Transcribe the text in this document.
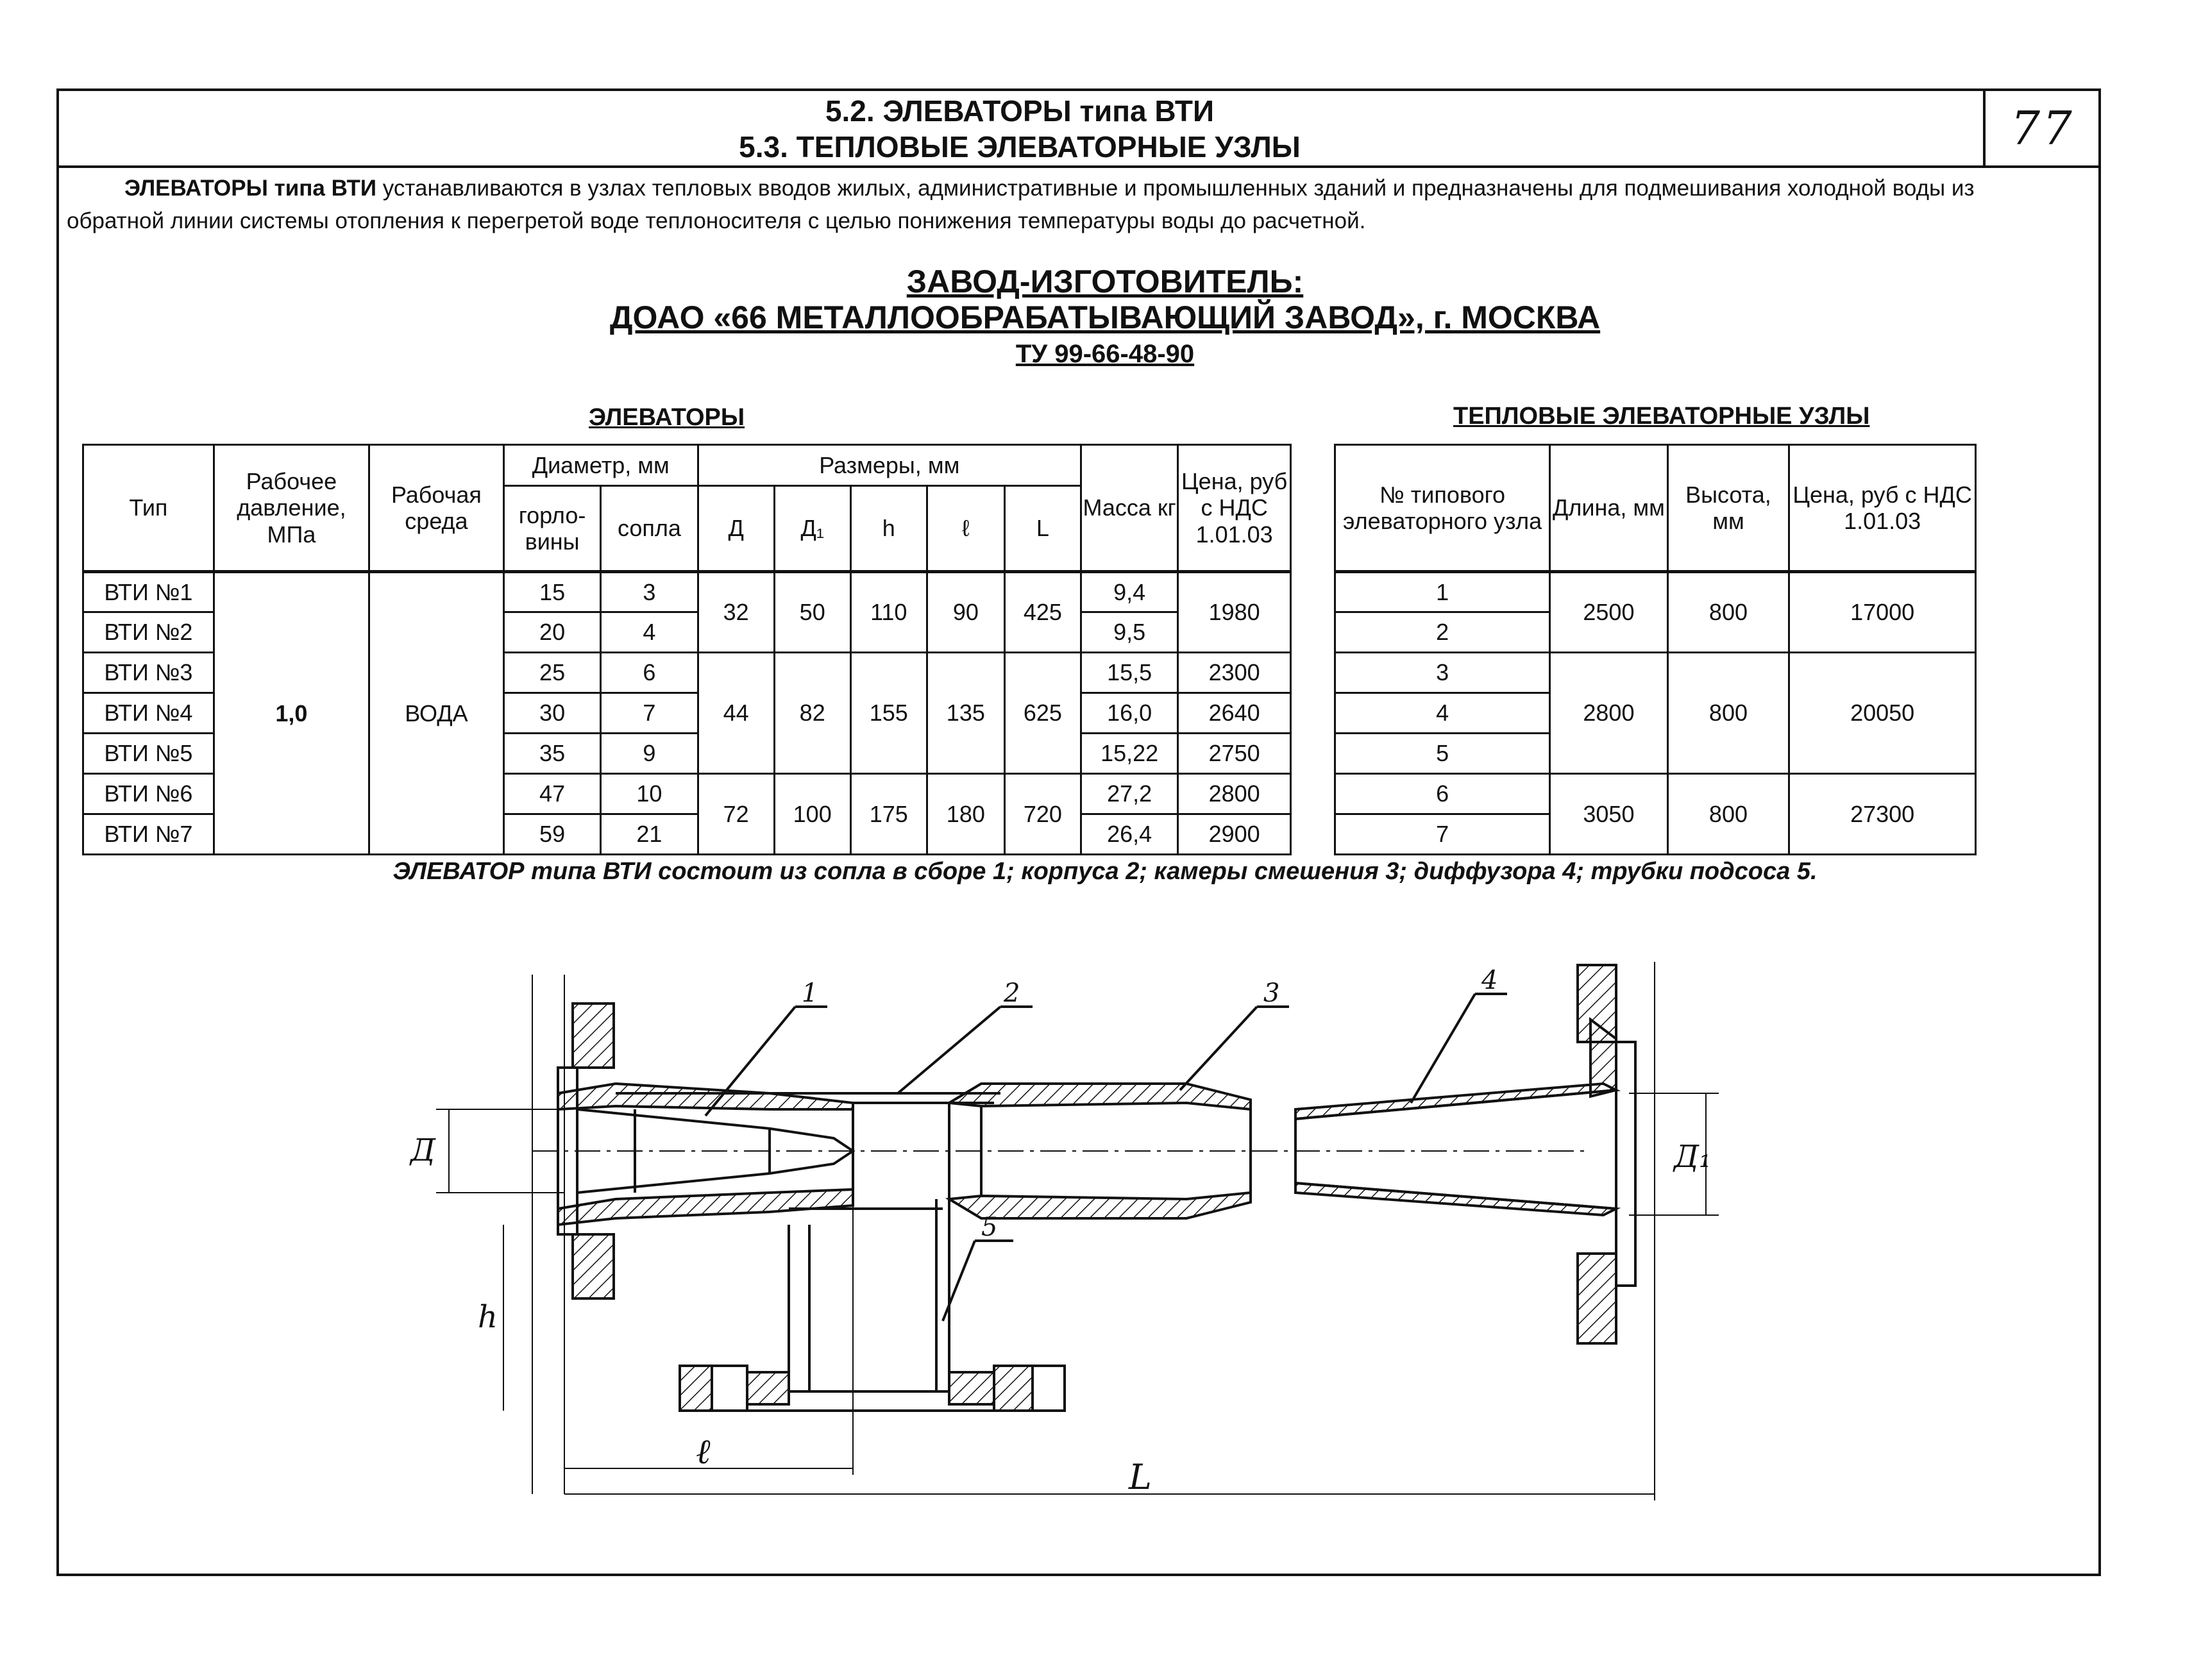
5.2. ЭЛЕВАТОРЫ типа ВТИ
5.3. ТЕПЛОВЫЕ ЭЛЕВАТОРНЫЕ УЗЛЫ	77
ЭЛЕВАТОРЫ типа ВТИ устанавливаются в узлах тепловых вводов жилых, административные и промышленных зданий и предназначены для подмешивания холодной воды из обратной линии системы отопления к перегретой воде теплоносителя с целью понижения температуры воды до расчетной.
ЗАВОД-ИЗГОТОВИТЕЛЬ:
ДОАО «66 МЕТАЛЛООБРАБАТЫВАЮЩИЙ ЗАВОД», г. МОСКВА
ТУ 99-66-48-90
ЭЛЕВАТОРЫ	ТЕПЛОВЫЕ ЭЛЕВАТОРНЫЕ УЗЛЫ
Тип	Рабочее давление, МПа	Рабочая среда	Диаметр, мм		Размеры, мм					Масса кг	Цена, руб с НДС 1.01.03
			горло-вины	сопла	Д	Д₁	h	ℓ	L		
ВТИ №1	1,0	ВОДА	15	3	32	50	110	90	425	9,4	1980
ВТИ №2			20	4						9,5	
ВТИ №3			25	6	44	82	155	135	625	15,5	2300
ВТИ №4			30	7						16,0	2640
ВТИ №5			35	9						15,22	2750
ВТИ №6			47	10	72	100	175	180	720	27,2	2800
ВТИ №7			59	21						26,4	2900
№ типового элеваторного узла	Длина, мм	Высота, мм	Цена, руб с НДС 1.01.03
1	2500	800	17000
2			
3	2800	800	20050
4			
5			
6	3050	800	27300
7			
ЭЛЕВАТОР типа ВТИ состоит из сопла в сборе 1; корпуса 2; камеры смешения 3; диффузора 4; трубки подсоса 5.
1	2	3	4
5
Д	Д₁
h
ℓ
L
